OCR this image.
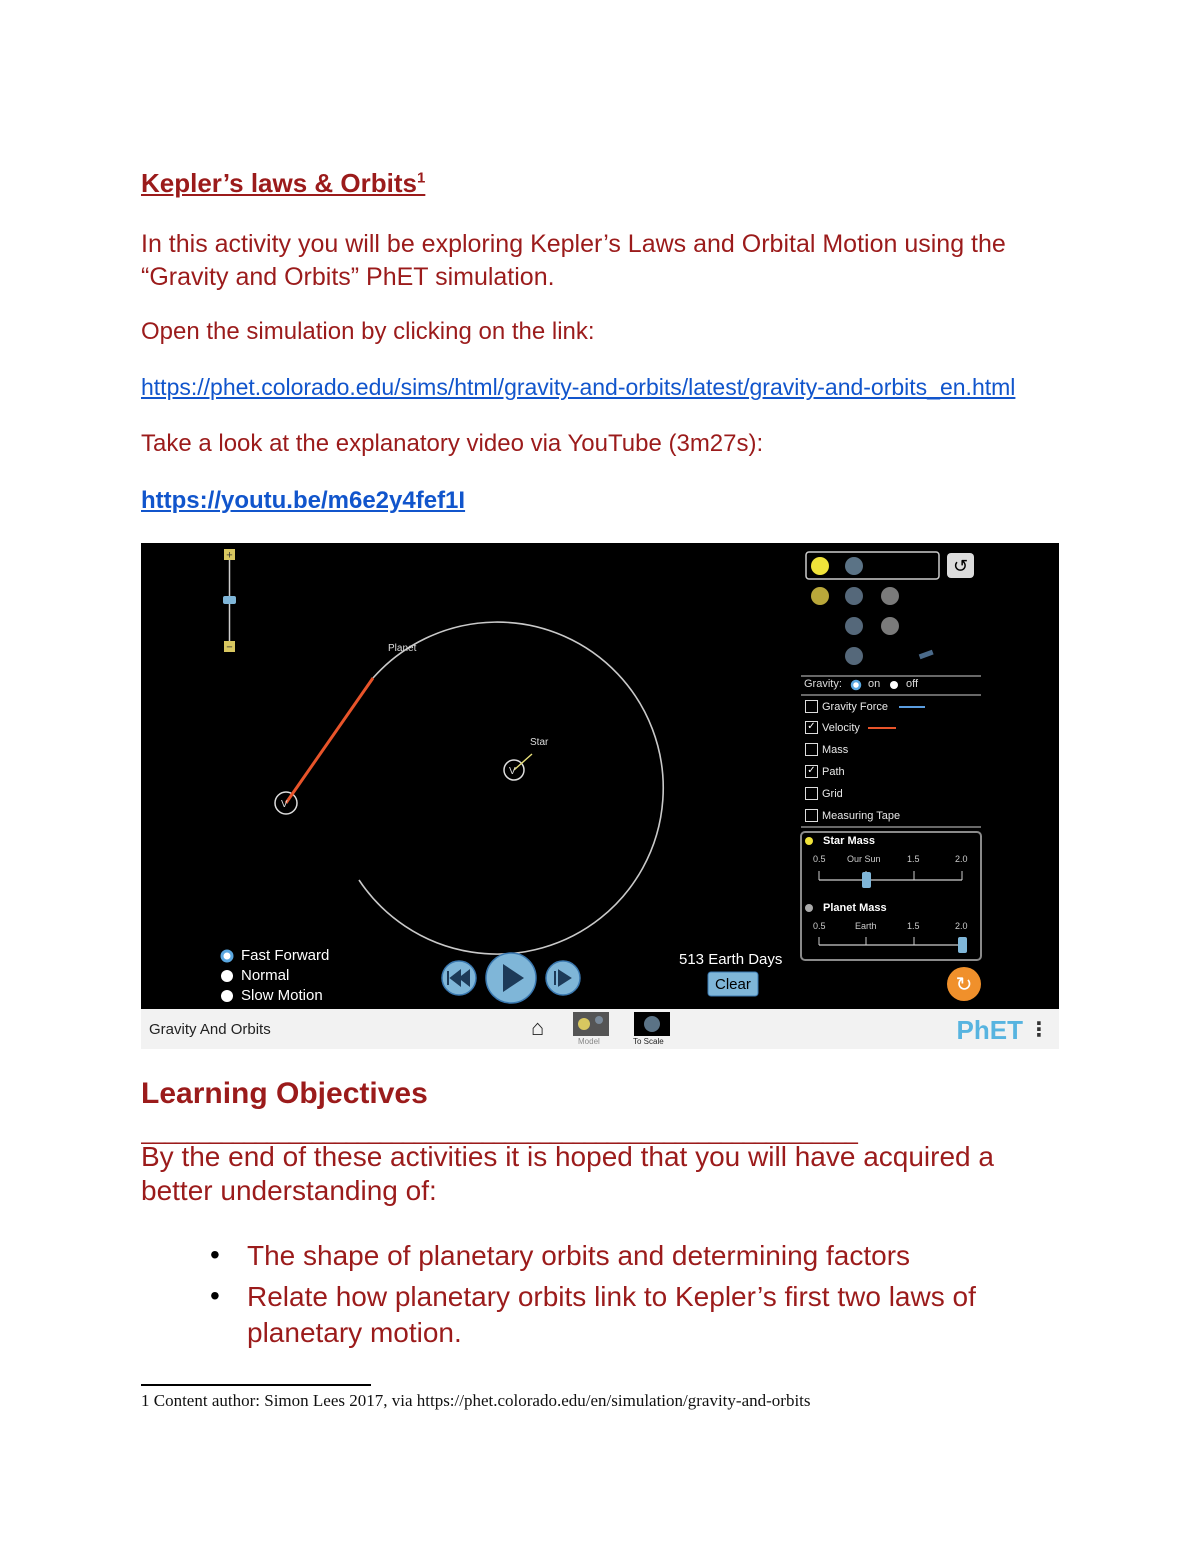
Kepler’s laws & Orbits$^1$
In this activity you will be exploring Kepler’s Laws and Orbital Motion using the “Gravity and Orbits” PhET simulation.
Open the simulation by clicking on the link:
https://phet.colorado.edu/sims/html/gravity-and-orbits/latest/gravity-and-orbits_en.html
Take a look at the explanatory video via YouTube (3m27s):
https://youtu.be/m6e2y4fef1I
+
−
V
V
↺
↻
Planet
Star
Gravity: on off
Gravity Force
✓ Velocity
Mass
✓ Path
Grid
Measuring Tape
Star Mass
0.5 Our Sun	1.5	2.0
Planet Mass
0.5	Earth	1.5	2.0
Fast Forward
Normal
Slow Motion
513 Earth Days
Clear
Gravity And Orbits	⌂
Model	To Scale	PhET ⋮
Learning Objectives
_______________________________________________________________
By the end of these activities it is hoped that you will have acquired a better understanding of:
• The shape of planetary orbits and determining factors
• Relate how planetary orbits link to Kepler’s first two laws of planetary motion.
1 Content author: Simon Lees 2017, via https://phet.colorado.edu/en/simulation/gravity-and-orbits
